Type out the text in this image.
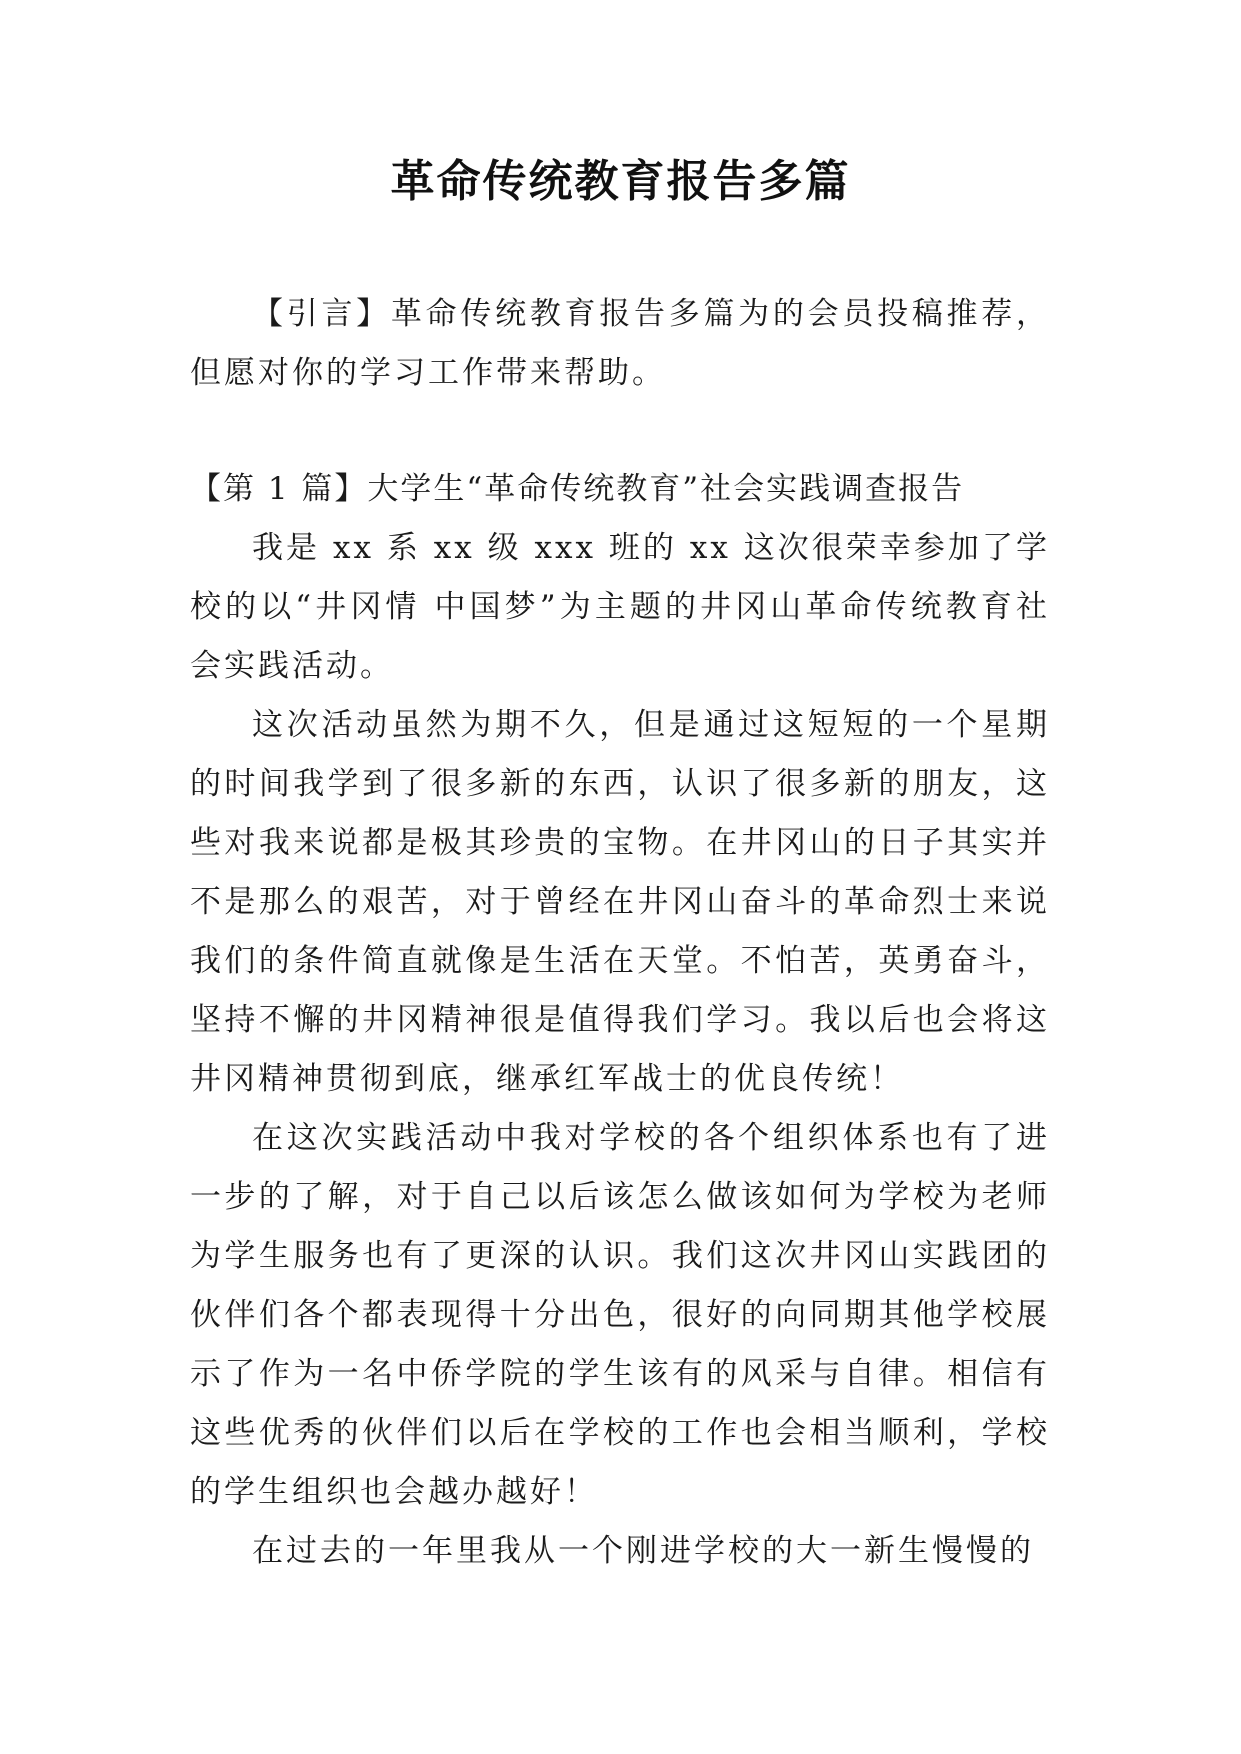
革命传统教育报告多篇
【引言】革命传统教育报告多篇为的会员投稿推荐，但愿对你的学习工作带来帮助。
【第 1 篇】大学生“革命传统教育”社会实践调查报告

我是 xx 系 xx 级 xxx 班的 xx 这次很荣幸参加了学校的以“井冈情 中国梦”为主题的井冈山革命传统教育社会实践活动。

这次活动虽然为期不久，但是通过这短短的一个星期的时间我学到了很多新的东西，认识了很多新的朋友，这些对我来说都是极其珍贵的宝物。在井冈山的日子其实并不是那么的艰苦，对于曾经在井冈山奋斗的革命烈士来说我们的条件简直就像是生活在天堂。不怕苦，英勇奋斗，坚持不懈的井冈精神很是值得我们学习。我以后也会将这井冈精神贯彻到底，继承红军战士的优良传统！

在这次实践活动中我对学校的各个组织体系也有了进一步的了解，对于自己以后该怎么做该如何为学校为老师为学生服务也有了更深的认识。我们这次井冈山实践团的伙伴们各个都表现得十分出色，很好的向同期其他学校展示了作为一名中侨学院的学生该有的风采与自律。相信有这些优秀的伙伴们以后在学校的工作也会相当顺利，学校的学生组织也会越办越好！

在过去的一年里我从一个刚进学校的大一新生慢慢的
